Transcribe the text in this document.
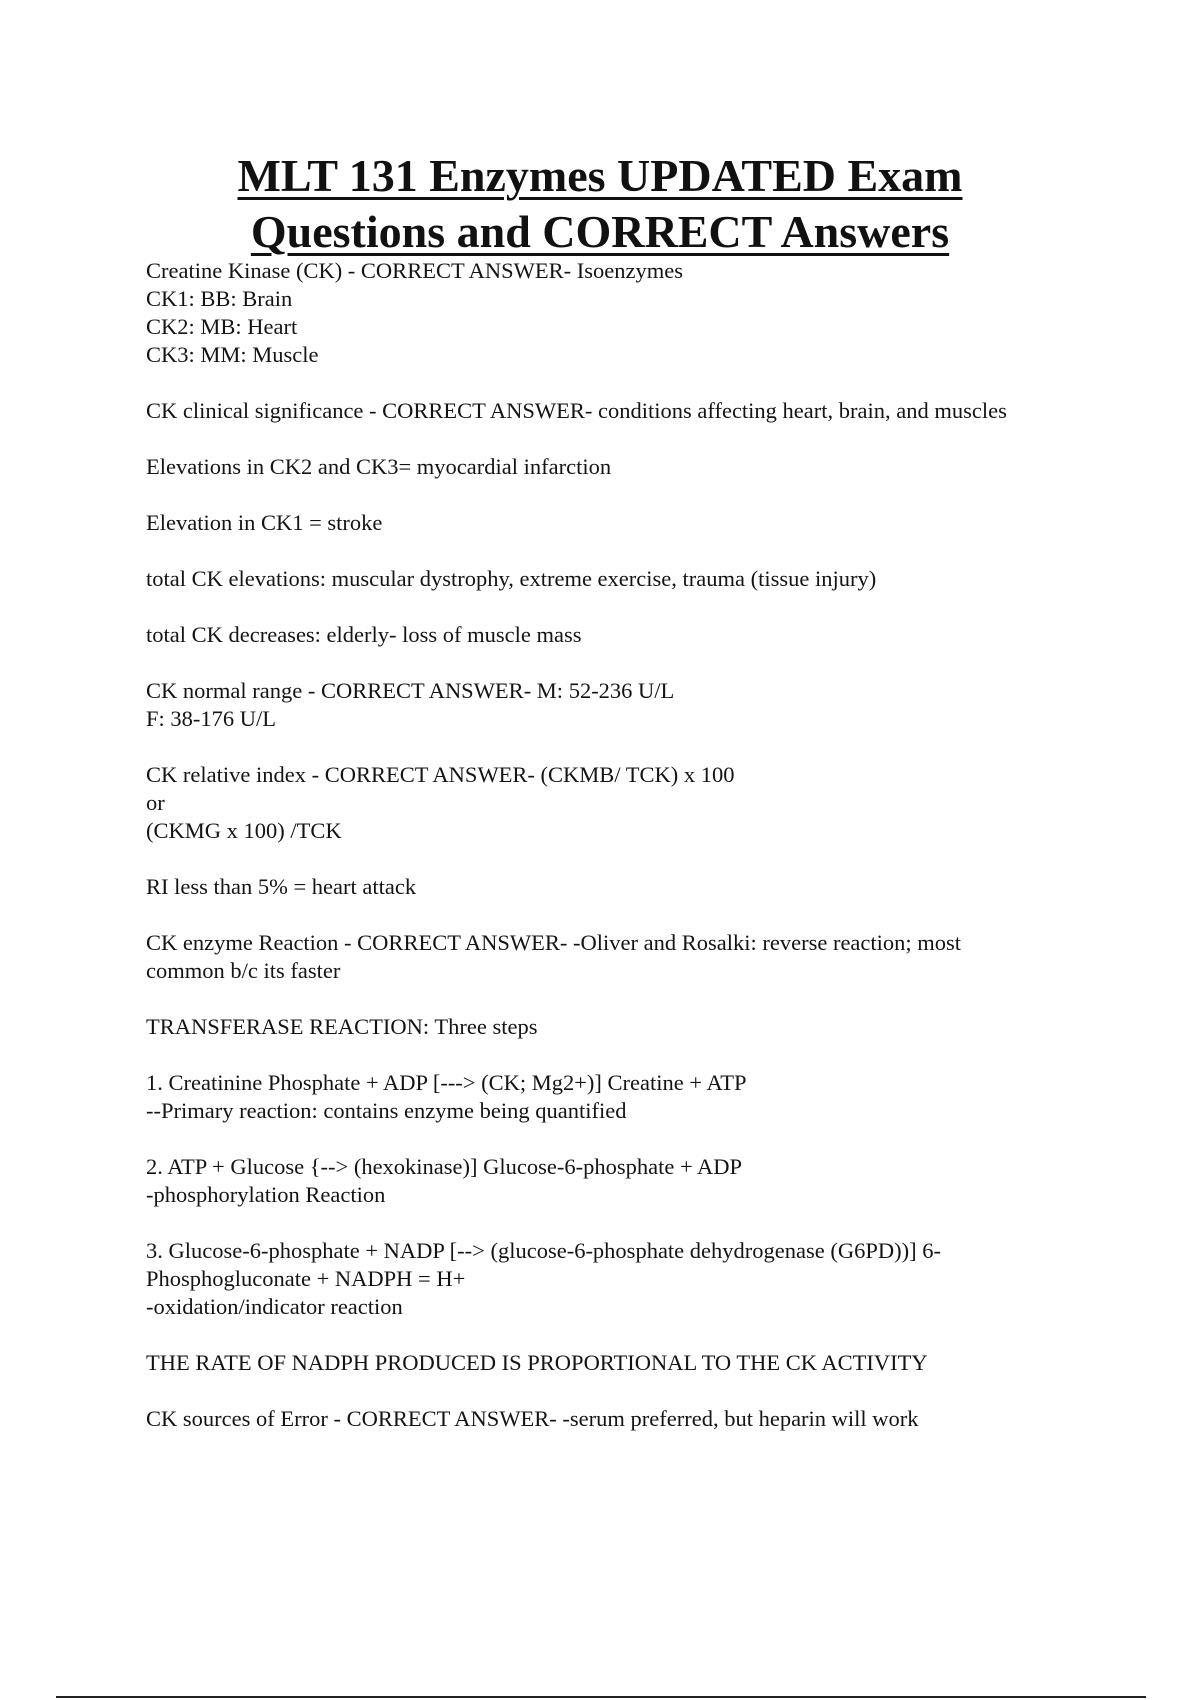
MLT 131 Enzymes UPDATED Exam
Questions and CORRECT Answers
Creatine Kinase (CK) - CORRECT ANSWER- Isoenzymes
CK1: BB: Brain
CK2: MB: Heart
CK3: MM: Muscle
CK clinical significance - CORRECT ANSWER- conditions affecting heart, brain, and muscles
Elevations in CK2 and CK3= myocardial infarction
Elevation in CK1 = stroke
total CK elevations: muscular dystrophy, extreme exercise, trauma (tissue injury)
total CK decreases: elderly- loss of muscle mass
CK normal range - CORRECT ANSWER- M: 52-236 U/L
F: 38-176 U/L
CK relative index - CORRECT ANSWER- (CKMB/ TCK) x 100
or
(CKMG x 100) /TCK
RI less than 5% = heart attack
CK enzyme Reaction - CORRECT ANSWER- -Oliver and Rosalki: reverse reaction; most
common b/c its faster
TRANSFERASE REACTION: Three steps
1. Creatinine Phosphate + ADP [---> (CK; Mg2+)] Creatine + ATP
--Primary reaction: contains enzyme being quantified
2. ATP + Glucose {--> (hexokinase)] Glucose-6-phosphate + ADP
-phosphorylation Reaction
3. Glucose-6-phosphate + NADP [--> (glucose-6-phosphate dehydrogenase (G6PD))] 6-
Phosphogluconate + NADPH = H+
-oxidation/indicator reaction
THE RATE OF NADPH PRODUCED IS PROPORTIONAL TO THE CK ACTIVITY
CK sources of Error - CORRECT ANSWER- -serum preferred, but heparin will work
